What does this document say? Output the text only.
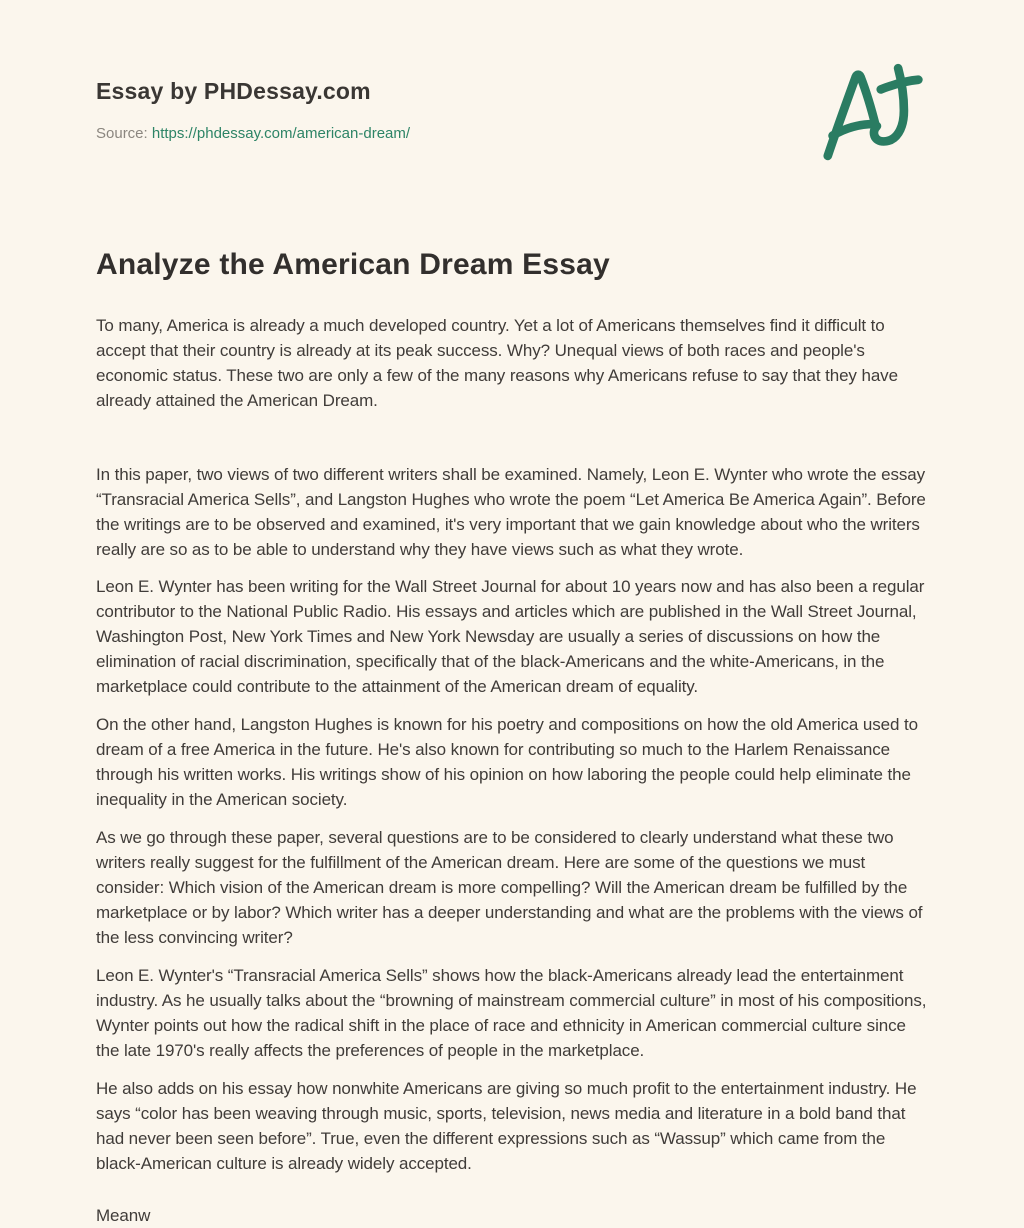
Essay by PHDessay.com
Source: https://phdessay.com/american-dream/
Analyze the American Dream Essay

To many, America is already a much developed country. Yet a lot of Americans themselves find it difficult to accept that their country is already at its peak success. Why? Unequal views of both races and people's economic status. These two are only a few of the many reasons why Americans refuse to say that they have already attained the American Dream.

In this paper, two views of two different writers shall be examined. Namely, Leon E. Wynter who wrote the essay “Transracial America Sells”, and Langston Hughes who wrote the poem “Let America Be America Again”. Before the writings are to be observed and examined, it's very important that we gain knowledge about who the writers really are so as to be able to understand why they have views such as what they wrote.

Leon E. Wynter has been writing for the Wall Street Journal for about 10 years now and has also been a regular contributor to the National Public Radio. His essays and articles which are published in the Wall Street Journal, Washington Post, New York Times and New York Newsday are usually a series of discussions on how the elimination of racial discrimination, specifically that of the black-Americans and the white-Americans, in the marketplace could contribute to the attainment of the American dream of equality.

On the other hand, Langston Hughes is known for his poetry and compositions on how the old America used to dream of a free America in the future. He's also known for contributing so much to the Harlem Renaissance through his written works. His writings show of his opinion on how laboring the people could help eliminate the inequality in the American society.

As we go through these paper, several questions are to be considered to clearly understand what these two writers really suggest for the fulfillment of the American dream. Here are some of the questions we must consider: Which vision of the American dream is more compelling? Will the American dream be fulfilled by the marketplace or by labor? Which writer has a deeper understanding and what are the problems with the views of the less convincing writer?

Leon E. Wynter's “Transracial America Sells” shows how the black-Americans already lead the entertainment industry. As he usually talks about the “browning of mainstream commercial culture” in most of his compositions, Wynter points out how the radical shift in the place of race and ethnicity in American commercial culture since the late 1970's really affects the preferences of people in the marketplace.

He also adds on his essay how nonwhite Americans are giving so much profit to the entertainment industry. He says “color has been weaving through music, sports, television, news media and literature in a bold band that had never been seen before”. True, even the different expressions such as “Wassup” which came from the black-American culture is already widely accepted.

Meanw
